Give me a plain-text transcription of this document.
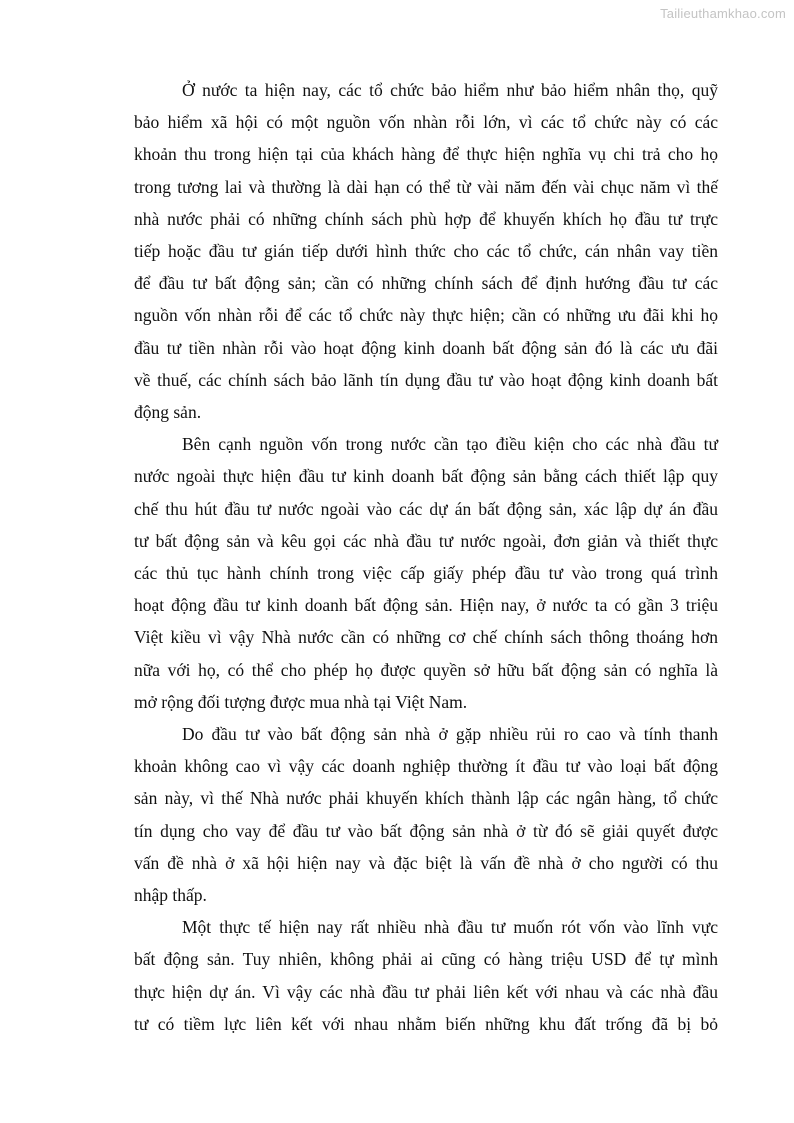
Tailieuthamkhao.com

Ở nước ta hiện nay, các tổ chức bảo hiểm như bảo hiểm nhân thọ, quỹ
bảo hiểm xã hội có một nguồn vốn nhàn rỗi lớn, vì các tổ chức này có các
khoản thu trong hiện tại của khách hàng để thực hiện nghĩa vụ chi trả cho họ
trong tương lai và thường là dài hạn có thể từ vài năm đến vài chục năm vì thế
nhà nước phải có những chính sách phù hợp để khuyến khích họ đầu tư trực
tiếp hoặc đầu tư gián tiếp dưới hình thức cho các tổ chức, cán nhân vay tiền
để đầu tư bất động sản; cần có những chính sách để định hướng đầu tư các
nguồn vốn nhàn rỗi để các tổ chức này thực hiện; cần có những ưu đãi khi họ
đầu tư tiền nhàn rỗi vào hoạt động kinh doanh bất động sản đó là các ưu đãi
về thuế, các chính sách bảo lãnh tín dụng đầu tư vào hoạt động kinh doanh bất
động sản.

Bên cạnh nguồn vốn trong nước cần tạo điều kiện cho các nhà đầu tư
nước ngoài thực hiện đầu tư kinh doanh bất động sản bằng cách thiết lập quy
chế thu hút đầu tư nước ngoài vào các dự án bất động sản, xác lập dự án đầu
tư bất động sản và kêu gọi các nhà đầu tư nước ngoài, đơn giản và thiết thực
các thủ tục hành chính trong việc cấp giấy phép đầu tư vào trong quá trình
hoạt động đầu tư kinh doanh bất động sản. Hiện nay, ở nước ta có gần 3 triệu
Việt kiều vì vậy Nhà nước cần có những cơ chế chính sách thông thoáng hơn
nữa với họ, có thể cho phép họ được quyền sở hữu bất động sản có nghĩa là
mở rộng đối tượng được mua nhà tại Việt Nam.

Do đầu tư vào bất động sản nhà ở gặp nhiều rủi ro cao và tính thanh
khoản không cao vì vậy các doanh nghiệp thường ít đầu tư vào loại bất động
sản này, vì thế Nhà nước phải khuyến khích thành lập các ngân hàng, tổ chức
tín dụng cho vay để đầu tư vào bất động sản nhà ở từ đó sẽ giải quyết được
vấn đề nhà ở xã hội hiện nay và đặc biệt là vấn đề nhà ở cho người có thu
nhập thấp.

Một thực tế hiện nay rất nhiều nhà đầu tư muốn rót vốn vào lĩnh vực
bất động sản. Tuy nhiên, không phải ai cũng có hàng triệu USD để tự mình
thực hiện dự án. Vì vậy các nhà đầu tư phải liên kết với nhau và các nhà đầu
tư có tiềm lực liên kết với nhau nhằm biến những khu đất trống đã bị bỏ
